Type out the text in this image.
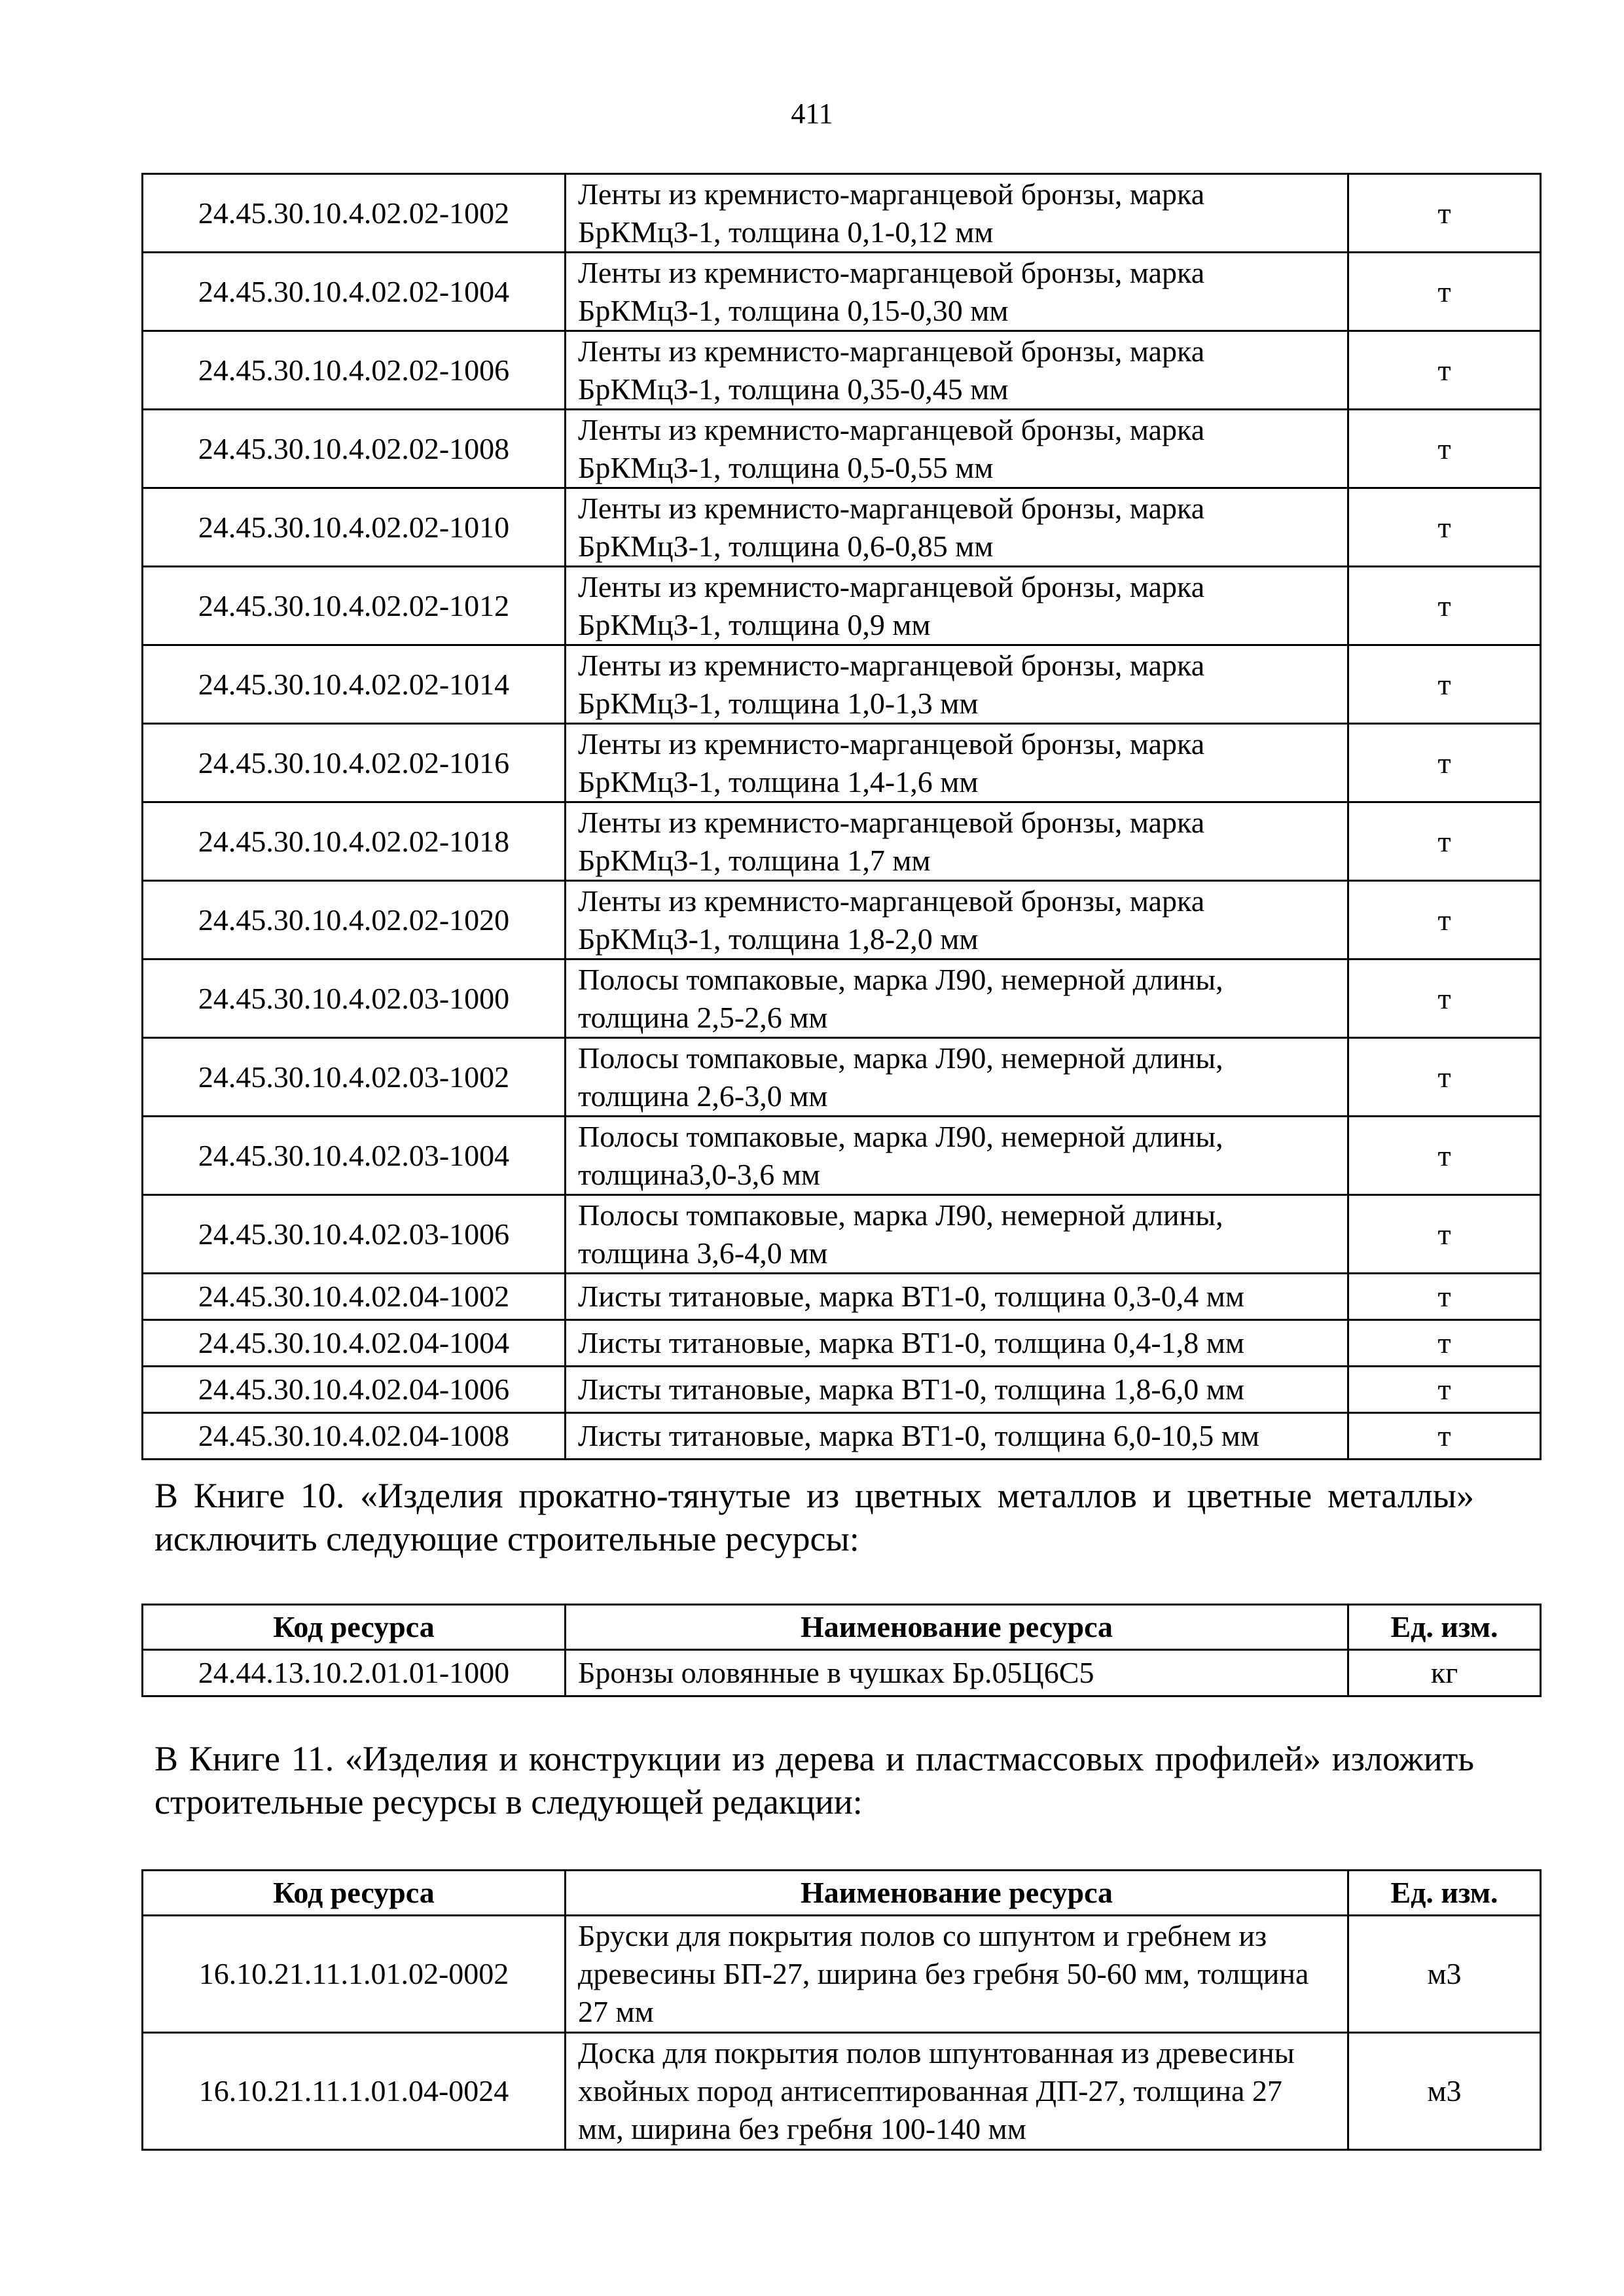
411
24.45.30.10.4.02.02-1002	Ленты из кремнисто-марганцевой бронзы, марка БрКМцЗ-1, толщина 0,1-0,12 мм	т
24.45.30.10.4.02.02-1004	Ленты из кремнисто-марганцевой бронзы, марка БрКМцЗ-1, толщина 0,15-0,30 мм	т
24.45.30.10.4.02.02-1006	Ленты из кремнисто-марганцевой бронзы, марка БрКМцЗ-1, толщина 0,35-0,45 мм	т
24.45.30.10.4.02.02-1008	Ленты из кремнисто-марганцевой бронзы, марка БрКМцЗ-1, толщина 0,5-0,55 мм	т
24.45.30.10.4.02.02-1010	Ленты из кремнисто-марганцевой бронзы, марка БрКМцЗ-1, толщина 0,6-0,85 мм	т
24.45.30.10.4.02.02-1012	Ленты из кремнисто-марганцевой бронзы, марка БрКМцЗ-1, толщина 0,9 мм	т
24.45.30.10.4.02.02-1014	Ленты из кремнисто-марганцевой бронзы, марка БрКМцЗ-1, толщина 1,0-1,3 мм	т
24.45.30.10.4.02.02-1016	Ленты из кремнисто-марганцевой бронзы, марка БрКМцЗ-1, толщина 1,4-1,6 мм	т
24.45.30.10.4.02.02-1018	Ленты из кремнисто-марганцевой бронзы, марка БрКМцЗ-1, толщина 1,7 мм	т
24.45.30.10.4.02.02-1020	Ленты из кремнисто-марганцевой бронзы, марка БрКМцЗ-1, толщина 1,8-2,0 мм	т
24.45.30.10.4.02.03-1000	Полосы томпаковые, марка Л90, немерной длины, толщина 2,5-2,6 мм	т
24.45.30.10.4.02.03-1002	Полосы томпаковые, марка Л90, немерной длины, толщина 2,6-3,0 мм	т
24.45.30.10.4.02.03-1004	Полосы томпаковые, марка Л90, немерной длины, толщина3,0-3,6 мм	т
24.45.30.10.4.02.03-1006	Полосы томпаковые, марка Л90, немерной длины, толщина 3,6-4,0 мм	т
24.45.30.10.4.02.04-1002	Листы титановые, марка ВТ1-0, толщина 0,3-0,4 мм	т
24.45.30.10.4.02.04-1004	Листы титановые, марка ВТ1-0, толщина 0,4-1,8 мм	т
24.45.30.10.4.02.04-1006	Листы титановые, марка ВТ1-0, толщина 1,8-6,0 мм	т
24.45.30.10.4.02.04-1008	Листы титановые, марка ВТ1-0, толщина 6,0-10,5 мм	т
В Книге 10. «Изделия прокатно-тянутые из цветных металлов и цветные металлы» исключить следующие строительные ресурсы:
Код ресурса	Наименование ресурса	Ед. изм.
24.44.13.10.2.01.01-1000	Бронзы оловянные в чушках Бр.05Ц6С5	кг
В Книге 11. «Изделия и конструкции из дерева и пластмассовых профилей» изложить строительные ресурсы в следующей редакции:
Код ресурса	Наименование ресурса	Ед. изм.
16.10.21.11.1.01.02-0002	Бруски для покрытия полов со шпунтом и гребнем из древесины БП-27, ширина без гребня 50-60 мм, толщина 27 мм	м3
16.10.21.11.1.01.04-0024	Доска для покрытия полов шпунтованная из древесины хвойных пород антисептированная ДП-27, толщина 27 мм, ширина без гребня 100-140 мм	м3
